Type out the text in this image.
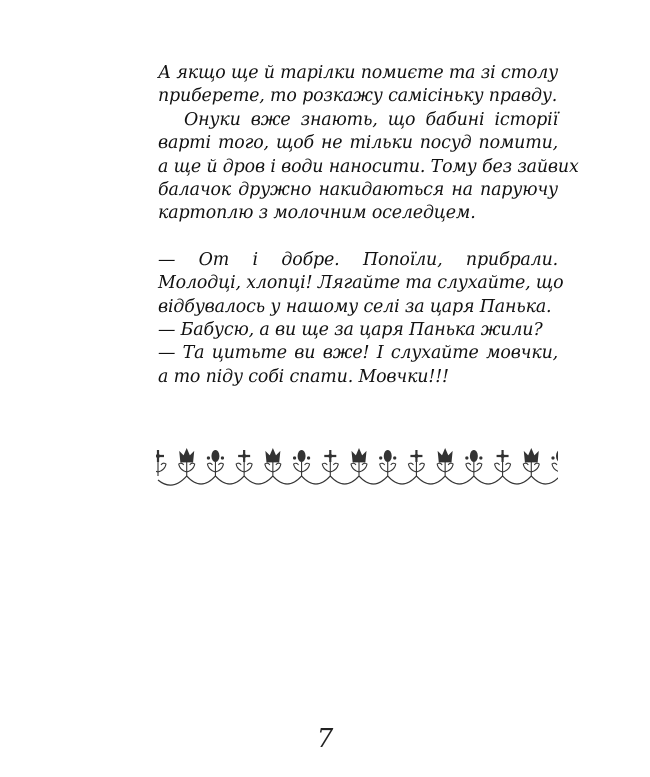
А якщо ще й тарілки помиєте та зі столу
приберете, то розкажу самісіньку правду.
Онуки вже знають, що бабині історії
варті того, щоб не тільки посуд помити,
а ще й дров і води наносити. Тому без зайвих
балачок дружно накидаються на паруючу
картоплю з молочним оселедцем.
— От і добре. Попоїли, прибрали.
Молодці, хлопці! Лягайте та слухайте, що
відбувалось у нашому селі за царя Панька.
— Бабусю, а ви ще за царя Панька жили?
— Та цитьте ви вже! І слухайте мовчки,
а то піду собі спати. Мовчки!!!
7
